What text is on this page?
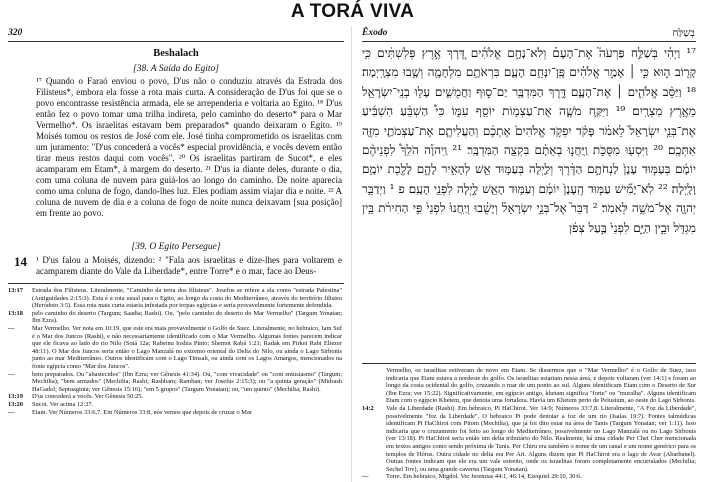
A TORÁ VIVA
320
Beshalach
[38. A Saída do Egito]
¹⁷ Quando o Faraó enviou o povo, D'us não o conduziu através da Estrada dos Filisteus*, embora ela fosse a rota mais curta. A consideração de D'us foi que se o povo encontrasse resistência armada, ele se arrependeria e voltaria ao Egito. ¹⁸ D'us então fez o povo tomar uma trilha indireta, pelo caminho do deserto* para o Mar Vermelho*. Os israelitas estavam bem preparados* quando deixaram o Egito. ¹⁹ Moisés tomou os restos de José com ele. José tinha comprometido os israelitas com um juramento: "D'us concederá a vocês* especial providência, e vocês devem então tirar meus restos daqui com vocês". ²⁰ Os israelitas partiram de Sucot*, e eles acamparam em Etam*, à margem do deserto. ²¹ D'us ia diante deles, durante o dia, com uma coluna de nuvem para guiá-los ao longo do caminho. De noite aparecia como uma coluna de fogo, dando-lhes luz. Eles podiam assim viajar dia e noite. ²² A coluna de nuvem de dia e a coluna de fogo de noite nunca deixavam [sua posição] em frente ao povo.
[39. O Egito Persegue]
14 ¹ D'us falou a Moisés, dizendo: ² "Fala aos israelitas e dize-lhes para voltarem e acamparem diante do Vale da Liberdade*, entre Torre* e o mar, face ao Deus-
13:17	Estrada dos Filisteus. Literalmente, "Caminho da terra dos filisteus". Josefus se refere a ela como "estrada Palestina" (Antiguidades 2:15:3). Esta é a rota usual para o Egito, ao longo da costa do Mediterrâneo, através do território filisteu (Heródoto 3:5). Essa rota mais curta estaria infestada por tropas egípcias e seria provavelmente fortemente defendida.
13:18	pelo caminho do deserto (Targum; Saadia; Rashi). Ou, "pelo caminho do deserto do Mar Vermelho" (Targum Yonatan; Ibn Ezra).
—	Mar Vermelho. Ver nota em 10:19, que este era mais provavelmente o Golfo de Suez. Literalmente, no hebraico, Iam Suf é o Mar dos Juncos (Rashi), e não necessariamente identificado com o Mar Vermelho. Algumas fontes parecem indicar que ele ficava ao lado do rio Nilo (Sotá 12a; Rabeinu Ioshia Pinto; Shemot Rabá 1:21; Radak em Pirkei Rabi Eliezer 48:11). O Mar dos Juncos seria então o Lago Manzalá no extremo oriental do Delta do Nilo, ou ainda o Lago Sirbonis junto ao mar Mediterrâneo. Outros identificam com o Lago Timsah, ou ainda com os Lagos Amargos, mencionados na fonte egípcia como "Mar dos Juncos".
—	bem preparados. Ou "abastecidos" (Ibn Ezra; ver Gênesis 41:34). Ou, "com vivacidade" ou "com entusiasmo" (Targum; Mechilta); "bem armados" (Mechilta; Rashi; Rashbam; Ramban; ver Josefus 2:15:3); ou "a quinta geração" (Midrash HaGadol; Septuaginta; ver Gênesis 15:16); "em 5 grupos" (Targum Yonatan); ou, "um quinto" (Mechilta; Rashi).
13:19	D'us concederá a vocês. Ver Gênesis 50:25.
13:20	Sucot. Ver acima 12:37.
—	Etam. Ver Números 33:6,7. Em Números 33:8, nós vemos que depois de cruzar o Mar
Êxodo	בְּשַׁלַּח
¹⁷ וַיְהִ֗י בְּשַׁלַּ֣ח פַּרְעֹה֮ אֶת־הָעָם֒ וְלֹא־נָחָ֣ם אֱלֹהִ֗ים דֶּ֚רֶךְ אֶ֣רֶץ פְּלִשְׁתִּ֔ים כִּ֥י קָר֖וֹב ה֑וּא כִּ֣י ׀ אָמַ֣ר אֱלֹהִ֗ים פֶּֽן־יִנָּחֵ֥ם הָעָ֛ם בִּרְאֹתָ֥ם מִלְחָמָ֖ה וְשָׁ֥בוּ מִצְרָֽיְמָה׃ ¹⁸ וַיַּסֵּ֨ב אֱלֹהִ֧ים ׀ אֶת־הָעָ֛ם דֶּ֥רֶךְ הַמִּדְבָּ֖ר יַם־ס֑וּף וַחֲמֻשִׁ֛ים עָל֥וּ בְנֵֽי־יִשְׂרָאֵ֖ל מֵאֶ֥רֶץ מִצְרָֽיִם׃ ¹⁹ וַיִּקַּ֥ח מֹשֶׁ֛ה אֶת־עַצְמ֥וֹת יוֹסֵ֖ף עִמּ֑וֹ כִּי֩ הַשְׁבֵּ֨עַ הִשְׁבִּ֜יעַ אֶת־בְּנֵ֤י יִשְׂרָאֵל֙ לֵאמֹ֔ר פָּקֹ֨ד יִפְקֹ֤ד אֱלֹהִים֙ אֶתְכֶ֔ם וְהַעֲלִיתֶ֧ם אֶת־עַצְמֹתַ֛י מִזֶּ֖ה אִתְּכֶֽם׃ ²⁰ וַיִּסְע֖וּ מִסֻּכֹּ֑ת וַֽיַּחֲנ֣וּ בְאֵתָ֔ם בִּקְצֵ֖ה הַמִּדְבָּֽר׃ ²¹ וַֽיהוָ֡ה הֹלֵךְ֩ לִפְנֵיהֶ֨ם יוֹמָ֜ם בְּעַמּ֤וּד עָנָן֙ לַנְחֹתָ֣ם הַדֶּ֔רֶךְ וְלַ֛יְלָה בְּעַמּ֥וּד אֵ֖שׁ לְהָאִ֣יר לָהֶ֑ם לָלֶ֖כֶת יוֹמָ֥ם וָלָֽיְלָה׃ ²² לֹֽא־יָמִ֞ישׁ עַמּ֤וּד הֶֽעָנָן֙ יוֹמָ֔ם וְעַמּ֥וּד הָאֵ֖שׁ לָ֑יְלָה לִפְנֵ֖י הָעָֽם׃ פ ¹ וַיְדַבֵּ֥ר יְהוָ֖ה אֶל־מֹשֶׁ֥ה לֵּאמֹֽר׃ ² דַּבֵּר֮ אֶל־בְּנֵ֣י יִשְׂרָאֵל֒ וְיָשֻׁ֗בוּ וְיַֽחֲנוּ֙ לִפְנֵי֙ פִּ֣י הַחִירֹ֔ת בֵּ֥ין מִגְדֹּ֖ל וּבֵ֣ין הַיָּ֑ם לִפְנֵי֙ בַּ֣עַל צְפֹ֔ן
Vermelho, os israelitas estiveram de novo em Etam. Se dissermos que o "Mar Vermelho" é o Golfo de Suez, isso indicaria que Etam estava a nordeste do golfo. Os israelitas estariam nessa área, e depois voltaram (ver 14:1) e foram ao longo da costa ocidental do golfo, cruzando o mar de um ponto ao sul. Alguns identificam Etam com o Deserto de Sur (Ibn Ezra; ver 15:22). Significativamente, em egípcio antigo, khetam significa "forte" ou "muralha". Alguns identificam Etam com o egípcio Khetem, que denota uma fortaleza. Havia um Khetem perto de Pelusium, ao oeste do Lago Sirbonis.
14:2	Vale da Liberdade (Rashi). Em hebraico, Pi HaChirot. Ver 14:9; Números 33:7,8. Literalmente, "A Foz da Liberdade", possivelmente "foz da Liberdade". O hebraico Pi pode denotar a foz de um rio (Isaías 19:7). Fontes talmúdicas identificam Pi HaChirot com Pitom (Mechilta), que já foi dito estar na área de Tanis (Targum Yonatan; ver 1:11). Isso indicaria que o cruzamento foi feito ao longo do Mediterrâneo, possivelmente no Lago Manzalá ou no Lago Sirbonis (ver 13:18). Pi HaChirot seria então um delta tributário do Nilo. Realmente, há uma cidade Per Chet Cher mencionada em textos antigos como sendo próxima de Tanis. Per Chiru era também o nome de um canal e um nome genérico para os templos de Hórus. Outra cidade no delta era Per Ari. Alguns dizem que Pi HaChirot era o lago de Avar (Abarbanel). Outras fontes indicam que ele era um vale estreito, onde os israelitas foram completamente encurralados (Mechilta; Sechel Tov), ou uma grande caverna (Targum Yonatan).
—	Torre. Em hebraico, Migdol. Ver Jeremias 44:1, 46:14, Ezequiel 29:10, 30:6.
